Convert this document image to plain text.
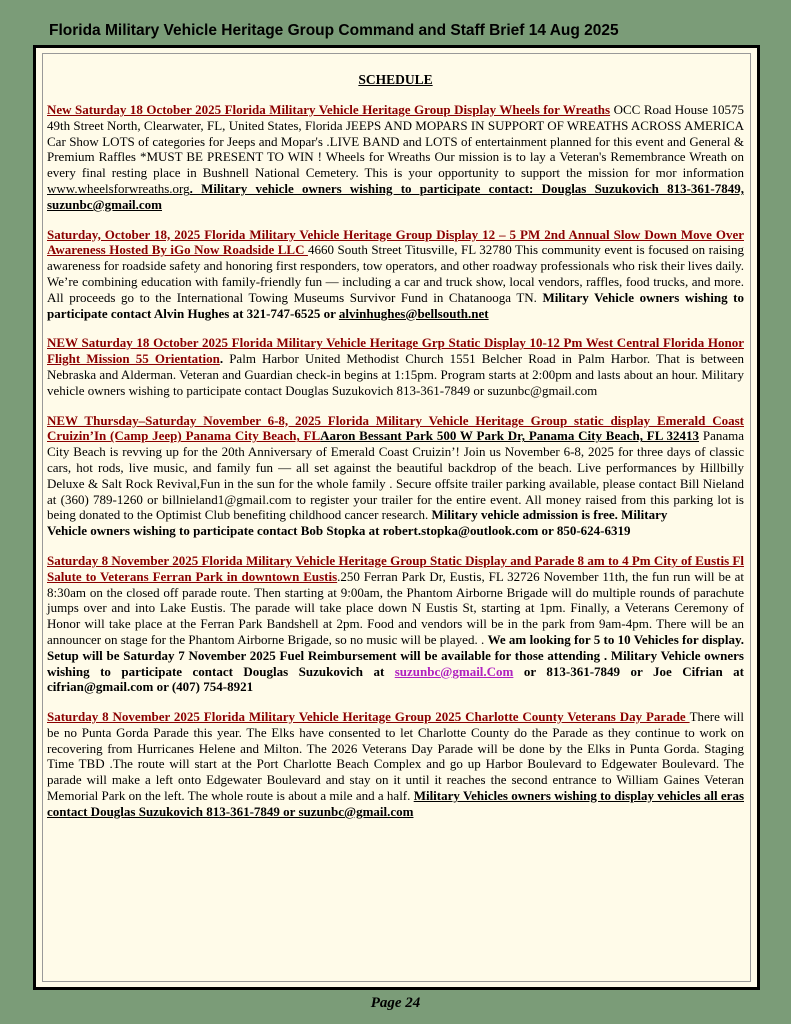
Florida Military Vehicle Heritage Group Command and Staff Brief 14 Aug 2025
SCHEDULE
New Saturday 18 October 2025 Florida Military Vehicle Heritage Group Display Wheels for Wreaths OCC Road House 10575 49th Street North, Clearwater, FL, United States, Florida JEEPS AND MOPARS IN SUPPORT OF WREATHS ACROSS AMERICA Car Show LOTS of categories for Jeeps and Mopar's .LIVE BAND and LOTS of entertainment planned for this event and General & Premium Raffles *MUST BE PRESENT TO WIN ! Wheels for Wreaths Our mission is to lay a Veteran's Remembrance Wreath on every final resting place in Bushnell National Cemetery. This is your opportunity to support the mission for mor information www.wheelsforwreaths.org. Military vehicle owners wishing to participate contact: Douglas Suzukovich 813-361-7849, suzunbc@gmail.com
Saturday, October 18, 2025 Florida Military Vehicle Heritage Group Display 12 – 5 PM 2nd Annual Slow Down Move Over Awareness Hosted By iGo Now Roadside LLC 4660 South Street Titusville, FL 32780 This community event is focused on raising awareness for roadside safety and honoring first responders, tow operators, and other roadway professionals who risk their lives daily. We’re combining education with family-friendly fun — including a car and truck show, local vendors, raffles, food trucks, and more. All proceeds go to the International Towing Museums Survivor Fund in Chatanooga TN. Military Vehicle owners wishing to participate contact Alvin Hughes at 321-747-6525 or alvinhughes@bellsouth.net
NEW Saturday 18 October 2025 Florida Military Vehicle Heritage Grp Static Display 10-12 Pm West Central Florida Honor Flight Mission 55 Orientation. Palm Harbor United Methodist Church 1551 Belcher Road in Palm Harbor. That is between Nebraska and Alderman. Veteran and Guardian check-in begins at 1:15pm. Program starts at 2:00pm and lasts about an hour. Military vehicle owners wishing to participate contact Douglas Suzukovich 813-361-7849 or suzunbc@gmail.com
NEW Thursday–Saturday November 6-8, 2025 Florida Military Vehicle Heritage Group static display Emerald Coast Cruizin’In (Camp Jeep) Panama City Beach, FLAaron Bessant Park 500 W Park Dr, Panama City Beach, FL 32413 Panama City Beach is revving up for the 20th Anniversary of Emerald Coast Cruizin’! Join us November 6-8, 2025 for three days of classic cars, hot rods, live music, and family fun — all set against the beautiful backdrop of the beach. Live performances by Hillbilly Deluxe & Salt Rock Revival,Fun in the sun for the whole family . Secure offsite trailer parking available, please contact Bill Nieland at (360) 789-1260 or billnieland1@gmail.com to register your trailer for the entire event. All money raised from this parking lot is being donated to the Optimist Club benefiting childhood cancer research. Military vehicle admission is free. Military
Vehicle owners wishing to participate contact Bob Stopka at robert.stopka@outlook.com or 850-624-6319
Saturday 8 November 2025 Florida Military Vehicle Heritage Group Static Display and Parade 8 am to 4 Pm City of Eustis Fl Salute to Veterans Ferran Park in downtown Eustis.250 Ferran Park Dr, Eustis, FL 32726 November 11th, the fun run will be at 8:30am on the closed off parade route. Then starting at 9:00am, the Phantom Airborne Brigade will do multiple rounds of parachute jumps over and into Lake Eustis. The parade will take place down N Eustis St, starting at 1pm. Finally, a Veterans Ceremony of Honor will take place at the Ferran Park Bandshell at 2pm. Food and vendors will be in the park from 9am-4pm. There will be an announcer on stage for the Phantom Airborne Brigade, so no music will be played. . We am looking for 5 to 10 Vehicles for display. Setup will be Saturday 7 November 2025 Fuel Reimbursement will be available for those attending . Military Vehicle owners wishing to participate contact Douglas Suzukovich at suzunbc@gmail.Com or 813-361-7849 or Joe Cifrian at cifrian@gmail.com or (407) 754-8921
Saturday 8 November 2025 Florida Military Vehicle Heritage Group 2025 Charlotte County Veterans Day Parade There will be no Punta Gorda Parade this year. The Elks have consented to let Charlotte County do the Parade as they continue to work on recovering from Hurricanes Helene and Milton. The 2026 Veterans Day Parade will be done by the Elks in Punta Gorda. Staging Time TBD .The route will start at the Port Charlotte Beach Complex and go up Harbor Boulevard to Edgewater Boulevard. The parade will make a left onto Edgewater Boulevard and stay on it until it reaches the second entrance to William Gaines Veteran Memorial Park on the left. The whole route is about a mile and a half. Military Vehicles owners wishing to display vehicles all eras contact Douglas Suzukovich 813-361-7849 or suzunbc@gmail.com
Page 24
